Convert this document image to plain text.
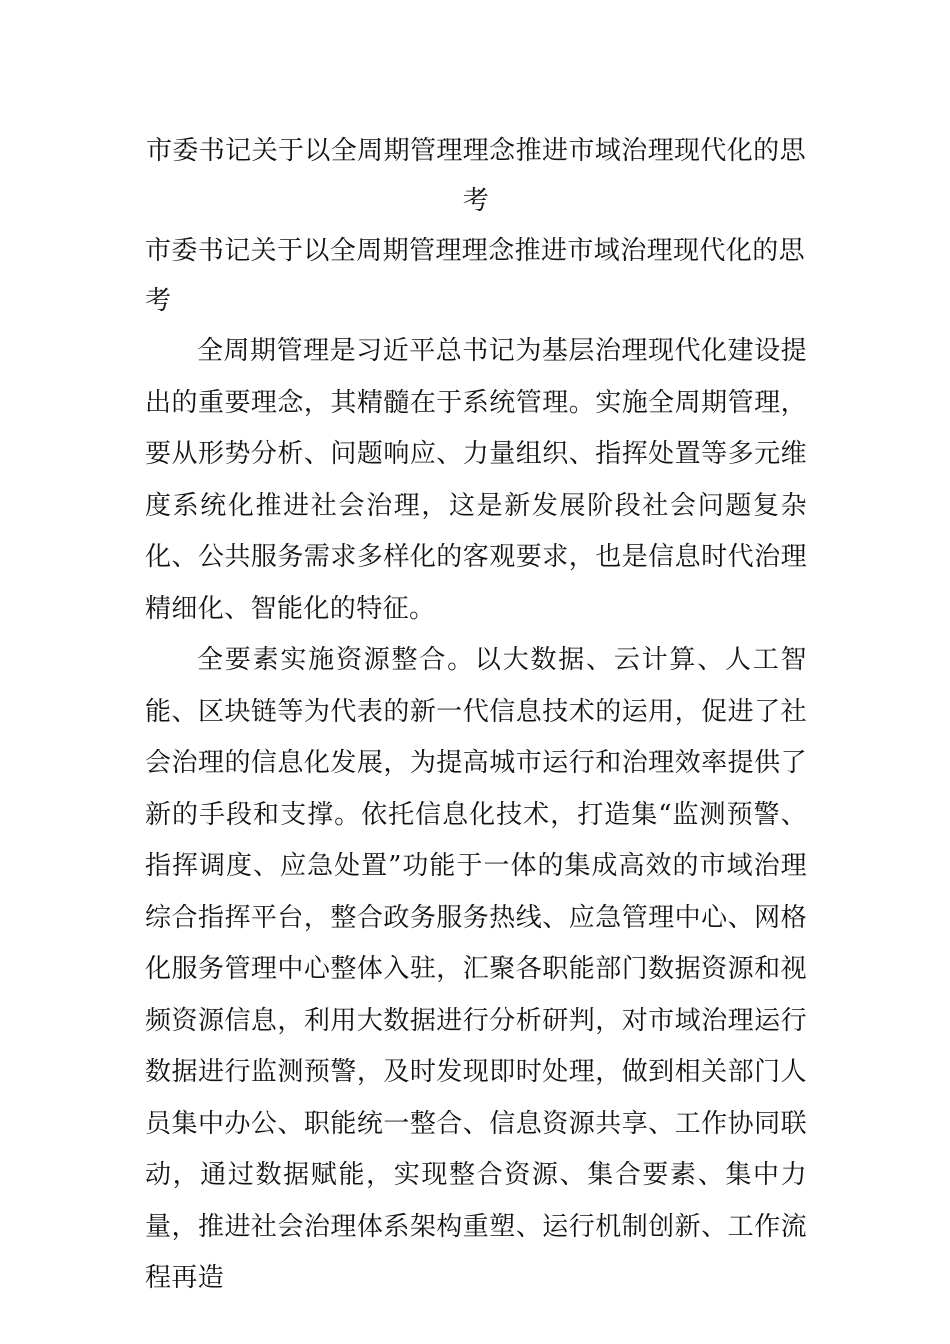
市委书记关于以全周期管理理念推进市域治理现代化的思考

市委书记关于以全周期管理理念推进市域治理现代化的思考

全周期管理是习近平总书记为基层治理现代化建设提出的重要理念，其精髓在于系统管理。实施全周期管理，要从形势分析、问题响应、力量组织、指挥处置等多元维度系统化推进社会治理，这是新发展阶段社会问题复杂化、公共服务需求多样化的客观要求，也是信息时代治理精细化、智能化的特征。

全要素实施资源整合。以大数据、云计算、人工智能、区块链等为代表的新一代信息技术的运用，促进了社会治理的信息化发展，为提高城市运行和治理效率提供了新的手段和支撑。依托信息化技术，打造集“监测预警、指挥调度、应急处置”功能于一体的集成高效的市域治理综合指挥平台，整合政务服务热线、应急管理中心、网格化服务管理中心整体入驻，汇聚各职能部门数据资源和视频资源信息，利用大数据进行分析研判，对市域治理运行数据进行监测预警，及时发现即时处理，做到相关部门人员集中办公、职能统一整合、信息资源共享、工作协同联动，通过数据赋能，实现整合资源、集合要素、集中力量，推进社会治理体系架构重塑、运行机制创新、工作流程再造
